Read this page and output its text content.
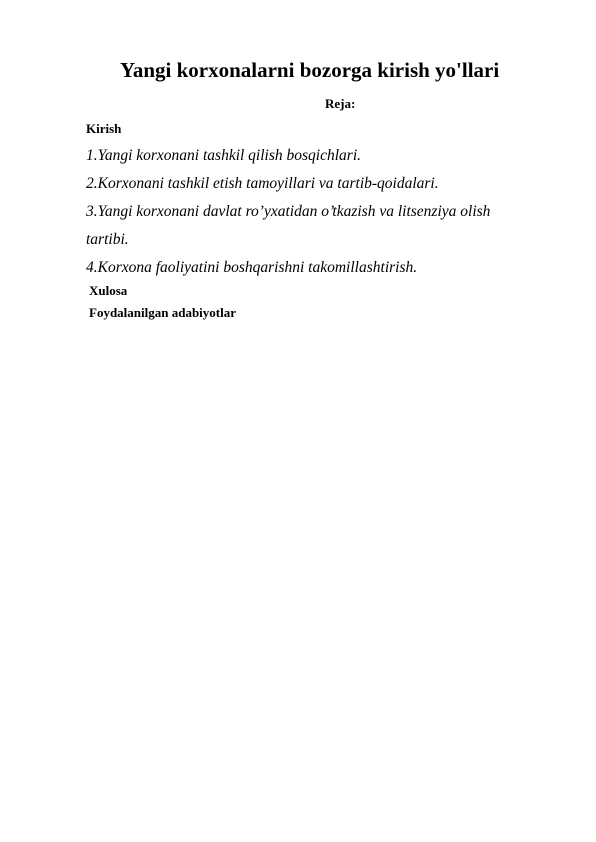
Yangi korxonalarni bozorga kirish yo'llari

Reja:

Kirish

1.Yangi korxonani tashkil qilish bosqichlari.
2.Korxonani tashkil etish tamoyillari va tartib-qoidalari.
3.Yangi korxonani davlat ro’yxatidan o’tkazish va litsenziya olish tartibi.
4.Korxona faoliyatini boshqarishni takomillashtirish.

Xulosa

Foydalanilgan adabiyotlar
